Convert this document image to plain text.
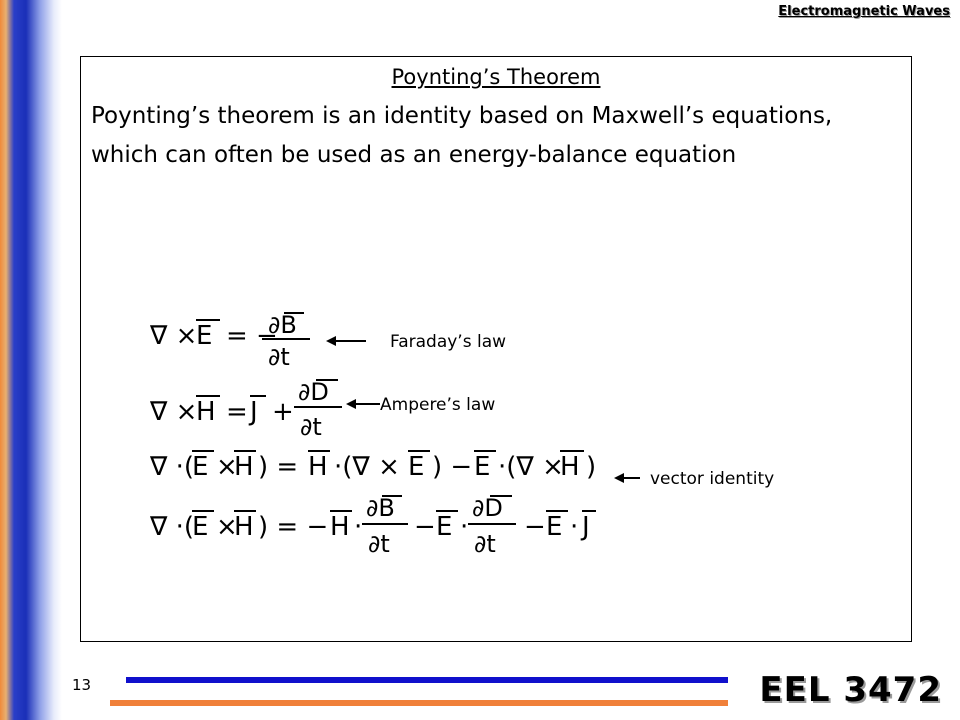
Electromagnetic Waves
Poynting’s Theorem

Poynting’s theorem is an identity based on Maxwell’s equations, which can often be used as an energy-balance equation

∇ ×
E = −
∂B
∂t
Faraday’s law
∇ ×
H = J +
∂D
∂t
Ampere’s law
∇ ·(
E ×
H ) = H ·(∇ × E ) − E ·(∇ ×
H )	vector identity
∇ ·(
E ×
H ) = − H ·
∂B
∂t
− E ·
∂D
∂t
− E · J
13	EEL 3472
